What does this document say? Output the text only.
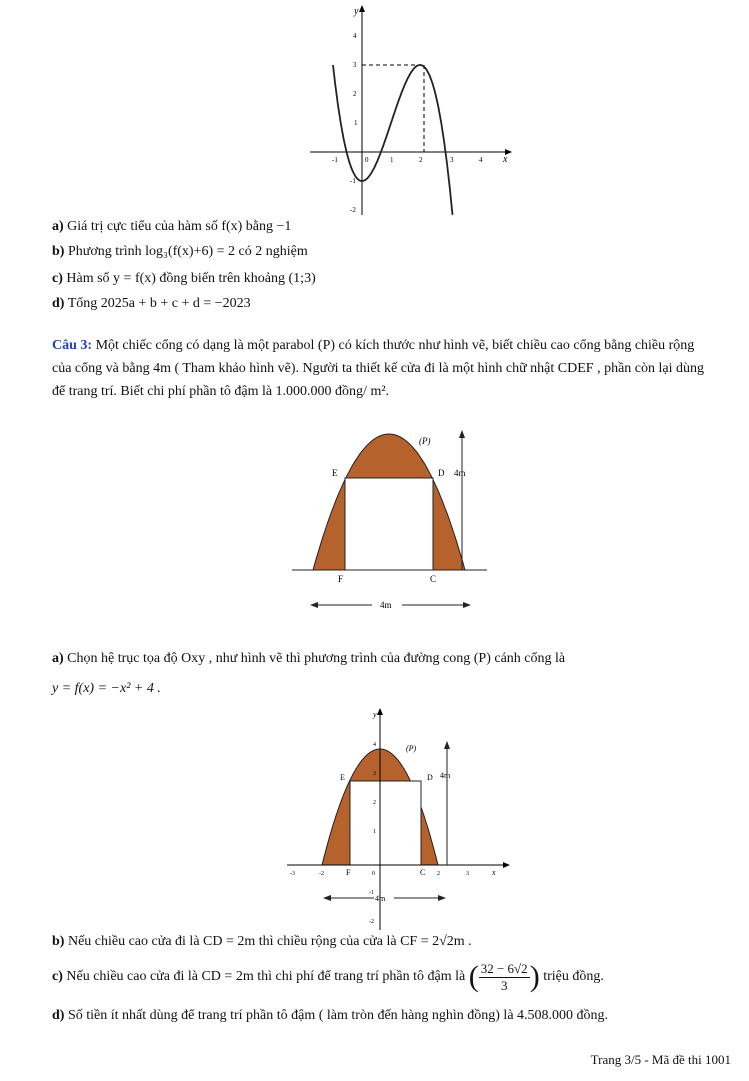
y
x
0
4
3
2
1
-1
-2
-1	1	2	3	4
a) Giá trị cực tiểu của hàm số f(x) bằng −1
b) Phương trình log₃(f(x)+6) = 2 có 2 nghiệm
c) Hàm số y = f(x) đồng biến trên khoảng (1;3)
d) Tổng 2025a + b + c + d = −2023
Câu 3: Một chiếc cổng có dạng là một parabol (P) có kích thước như hình vẽ, biết chiều cao cổng bằng chiều rộng của cổng và bằng 4m ( Tham khảo hình vẽ). Người ta thiết kế cửa đi là một hình chữ nhật CDEF , phần còn lại dùng để trang trí. Biết chi phí phần tô đậm là 1.000.000 đồng/ m².
(P)
E	D 4m
F	C
4m
a) Chọn hệ trục tọa độ Oxy , như hình vẽ thì phương trình của đường cong (P) cánh cổng là
y = f(x) = −x² + 4 .
y
x
(P)
E	D 4m
F	C
-3	-2	0	2	3
4
3
2
1
-1
-2
4m
b) Nếu chiều cao cửa đi là CD = 2m thì chiều rộng của cửa là CF = 2√2m .
c) Nếu chiều cao cửa đi là CD = 2m thì chi phí để trang trí phần tô đậm là ( $\frac{32 - 6√2}{3}$ ) triệu đồng.
d) Số tiền ít nhất dùng để trang trí phần tô đậm ( làm tròn đến hàng nghìn đồng) là 4.508.000 đồng.
Trang 3/5 - Mã đề thi 1001
